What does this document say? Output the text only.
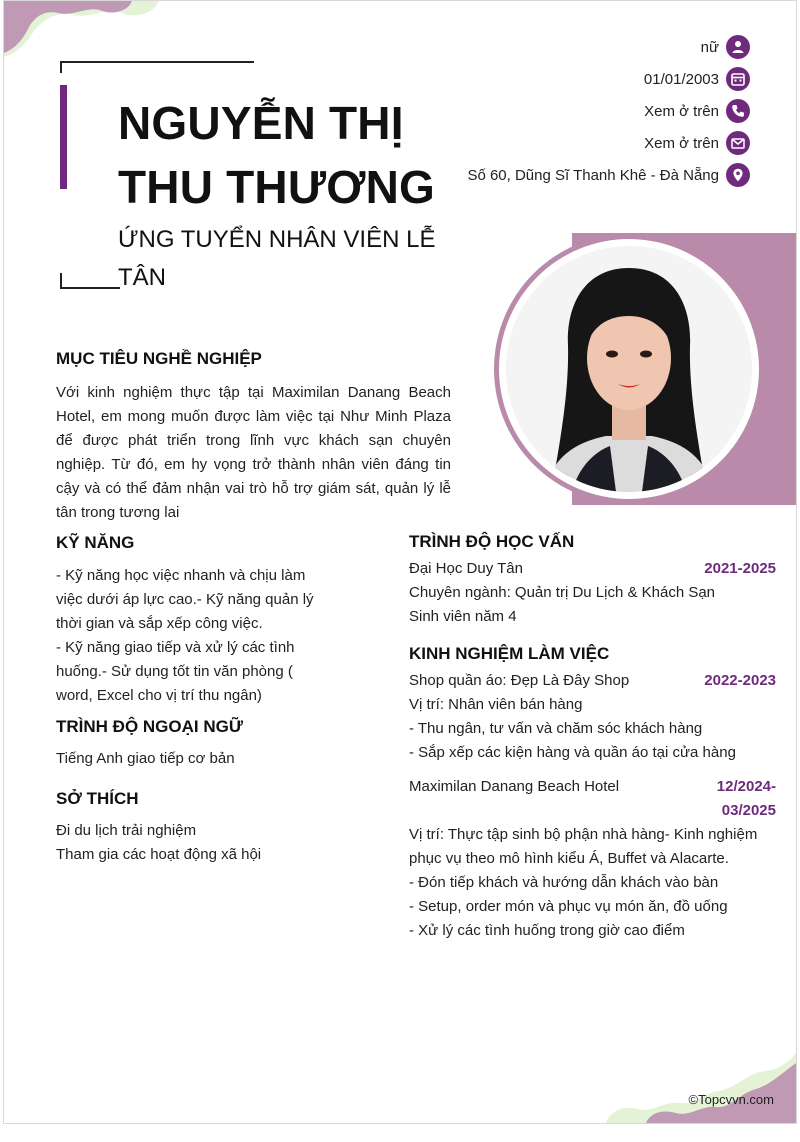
NGUYỄN THỊ THU THƯƠNG
ỨNG TUYỂN NHÂN VIÊN LỄ TÂN
nữ
01/01/2003
Xem ở trên
Xem ở trên
Số 60, Dũng Sĩ Thanh Khê - Đà Nẵng
MỤC TIÊU NGHỀ NGHIỆP
Với kinh nghiệm thực tập tại Maximilan Danang Beach Hotel, em mong muốn được làm việc tại Như Minh Plaza để được phát triển trong lĩnh vực khách sạn chuyên nghiệp. Từ đó, em hy vọng trở thành nhân viên đáng tin cậy và có thể đảm nhận vai trò hỗ trợ giám sát, quản lý lễ tân trong tương lai
KỸ NĂNG
- Kỹ năng học việc nhanh và chịu làm việc dưới áp lực cao.- Kỹ năng quản lý thời gian và sắp xếp công việc.
- Kỹ năng giao tiếp và xử lý các tình huống.- Sử dụng tốt tin văn phòng ( word, Excel cho vị trí thu ngân)
TRÌNH ĐỘ NGOẠI NGỮ
Tiếng Anh giao tiếp cơ bản
SỞ THÍCH
Đi du lịch trải nghiệm
Tham gia các hoạt động xã hội
TRÌNH ĐỘ HỌC VẤN
Đại Học Duy Tân	2021-2025
Chuyên ngành: Quản trị Du Lịch & Khách Sạn
Sinh viên năm 4
KINH NGHIỆM LÀM VIỆC
Shop quần áo: Đẹp Là Đây Shop	2022-2023
Vị trí: Nhân viên bán hàng
- Thu ngân, tư vấn và chăm sóc khách hàng
- Sắp xếp các kiện hàng và quần áo tại cửa hàng
Maximilan Danang Beach Hotel	12/2024-
03/2025
Vị trí: Thực tập sinh bộ phận nhà hàng- Kinh nghiệm phục vụ theo mô hình kiểu Á, Buffet và Alacarte.
- Đón tiếp khách và hướng dẫn khách vào bàn
- Setup, order món và phục vụ món ăn, đồ uống
- Xử lý các tình huống trong giờ cao điểm
©Topcvvn.com
